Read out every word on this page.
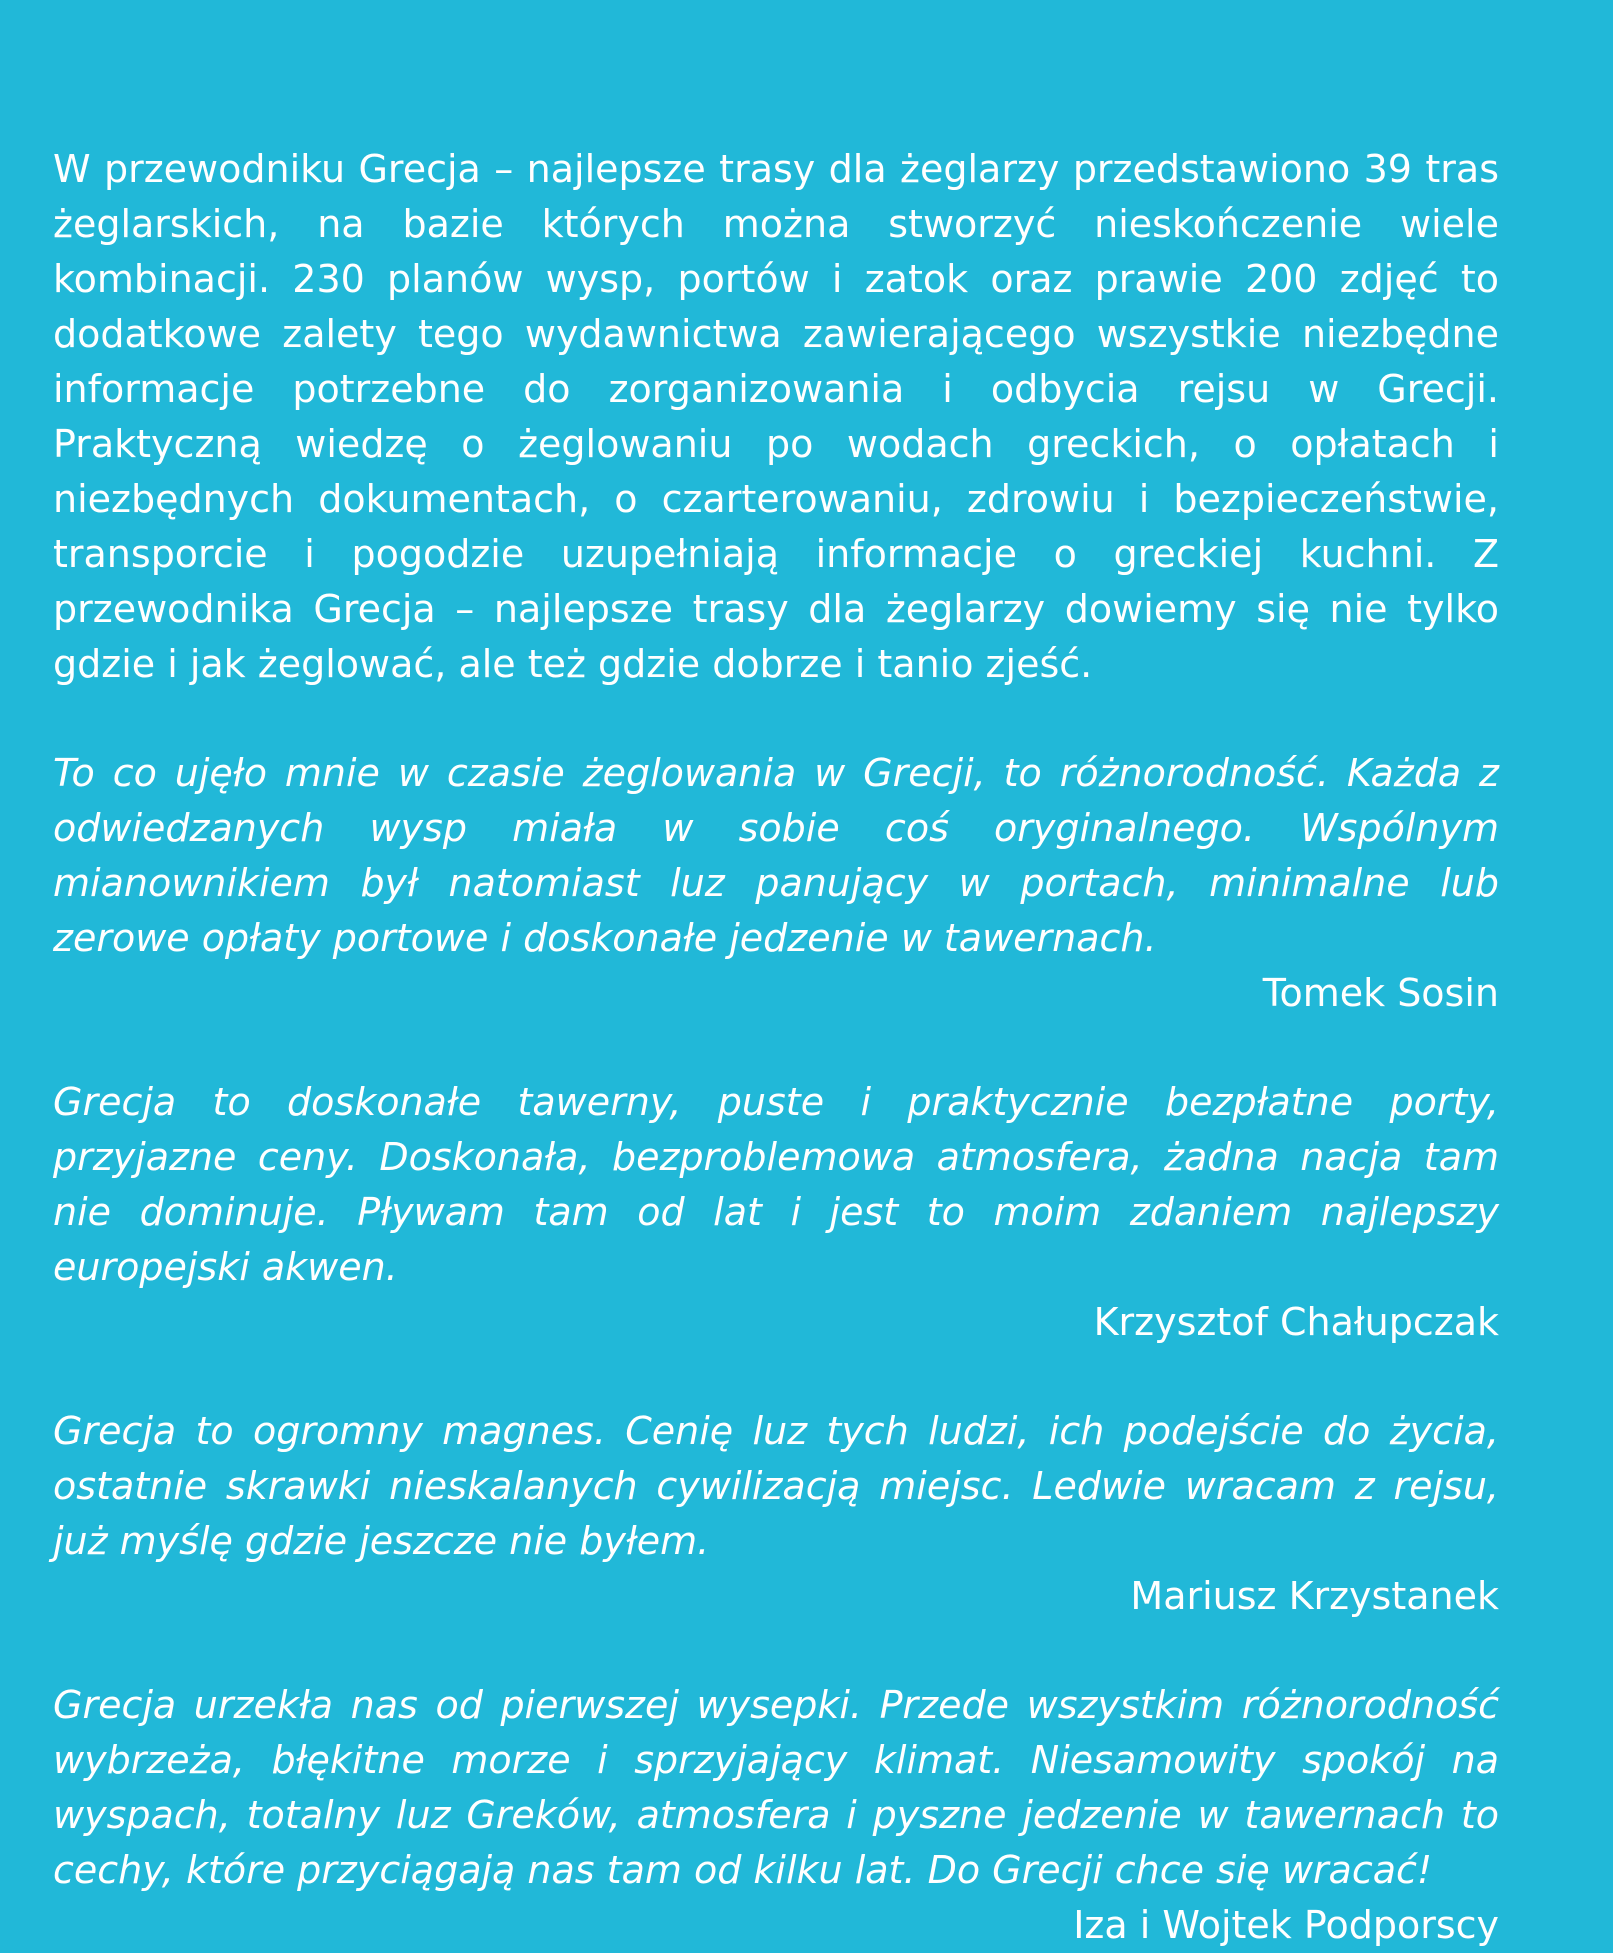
W przewodniku Grecja – najlepsze trasy dla żeglarzy przedstawiono 39 tras żeglarskich, na bazie których można stworzyć nieskończenie wiele kombinacji. 230 planów wysp, portów i zatok oraz prawie 200 zdjęć to dodatkowe zalety tego wydawnictwa zawierającego wszystkie niezbędne informacje potrzebne do zorganizowania i odbycia rejsu w Grecji. Praktyczną wiedzę o żeglowaniu po wodach greckich, o opłatach i niezbędnych dokumentach, o czarterowaniu, zdrowiu i bezpieczeństwie, transporcie i pogodzie uzupełniają informacje o greckiej kuchni. Z przewodnika Grecja – najlepsze trasy dla żeglarzy dowiemy się nie tylko gdzie i jak żeglować, ale też gdzie dobrze i tanio zjeść.

To co ujęło mnie w czasie żeglowania w Grecji, to różnorodność. Każda z odwiedzanych wysp miała w sobie coś oryginalnego. Wspólnym mianownikiem był natomiast luz panujący w portach, minimalne lub zerowe opłaty portowe i doskonałe jedzenie w tawernach.

Tomek Sosin

Grecja to doskonałe tawerny, puste i praktycznie bezpłatne porty, przyjazne ceny. Doskonała, bezproblemowa atmosfera, żadna nacja tam nie dominuje. Pływam tam od lat i jest to moim zdaniem najlepszy europejski akwen.

Krzysztof Chałupczak

Grecja to ogromny magnes. Cenię luz tych ludzi, ich podejście do życia, ostatnie skrawki nieskalanych cywilizacją miejsc. Ledwie wracam z rejsu, już myślę gdzie jeszcze nie byłem.

Mariusz Krzystanek

Grecja urzekła nas od pierwszej wysepki. Przede wszystkim różnorodność wybrzeża, błękitne morze i sprzyjający klimat. Niesamowity spokój na wyspach, totalny luz Greków, atmosfera i pyszne jedzenie w tawernach to cechy, które przyciągają nas tam od kilku lat. Do Grecji chce się wracać!

Iza i Wojtek Podporscy
